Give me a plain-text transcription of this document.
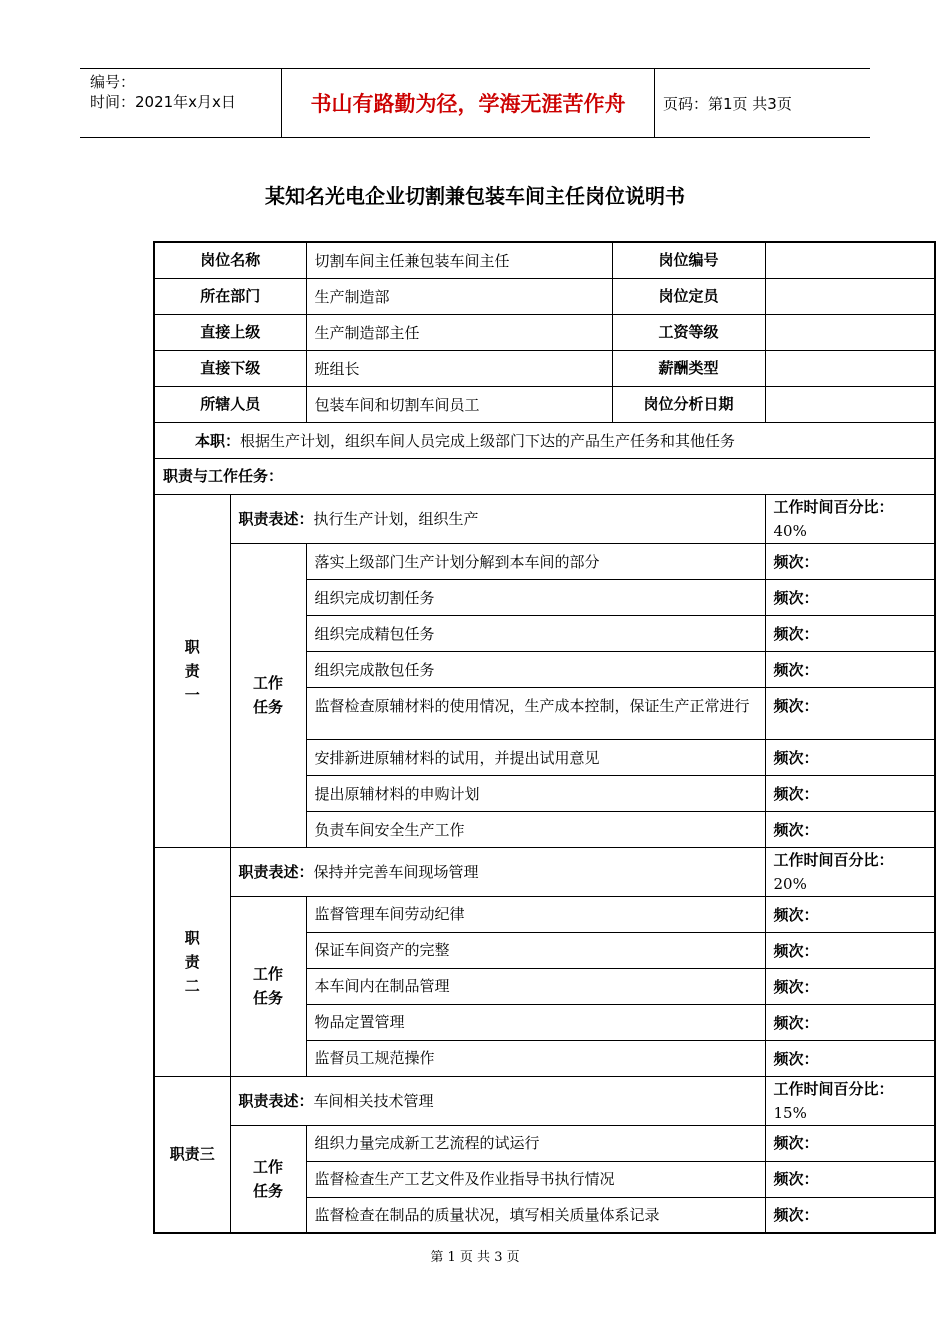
编号：
时间：2021年x月x日	书山有路勤为径，学海无涯苦作舟	页码：第1页 共3页
某知名光电企业切割兼包装车间主任岗位说明书
岗位名称		切割车间主任兼包装车间主任	岗位编号	
所在部门		生产制造部	岗位定员	
直接上级		生产制造部主任	工资等级	
直接下级		班组长	薪酬类型	
所辖人员		包装车间和切割车间员工	岗位分析日期	
本职：根据生产计划，组织车间人员完成上级部门下达的产品生产任务和其他任务				
职责与工作任务：				

职
责
一	职责表述：执行生产计划，组织生产			工作时间百分比：40%

	工作
任务	落实上级部门生产计划分解到本车间的部分		频次：
		组织完成切割任务		频次：
		组织完成精包任务		频次：
		组织完成散包任务		频次：
		监督检查原辅材料的使用情况，生产成本控制，保证生产正常进行		频次：
		安排新进原辅材料的试用，并提出试用意见		频次：
		提出原辅材料的申购计划		频次：
		负责车间安全生产工作		频次：

职
责
二	职责表述：保持并完善车间现场管理			工作时间百分比：20%

	工作
任务	监督管理车间劳动纪律		频次：
		保证车间资产的完整		频次：
		本车间内在制品管理		频次：
		物品定置管理		频次：
		监督员工规范操作		频次：
职责三	职责表述：车间相关技术管理			工作时间百分比：15%

	工作
任务	组织力量完成新工艺流程的试运行		频次：
		监督检查生产工艺文件及作业指导书执行情况		频次：
		监督检查在制品的质量状况，填写相关质量体系记录		频次：
第 1 页 共 3 页
